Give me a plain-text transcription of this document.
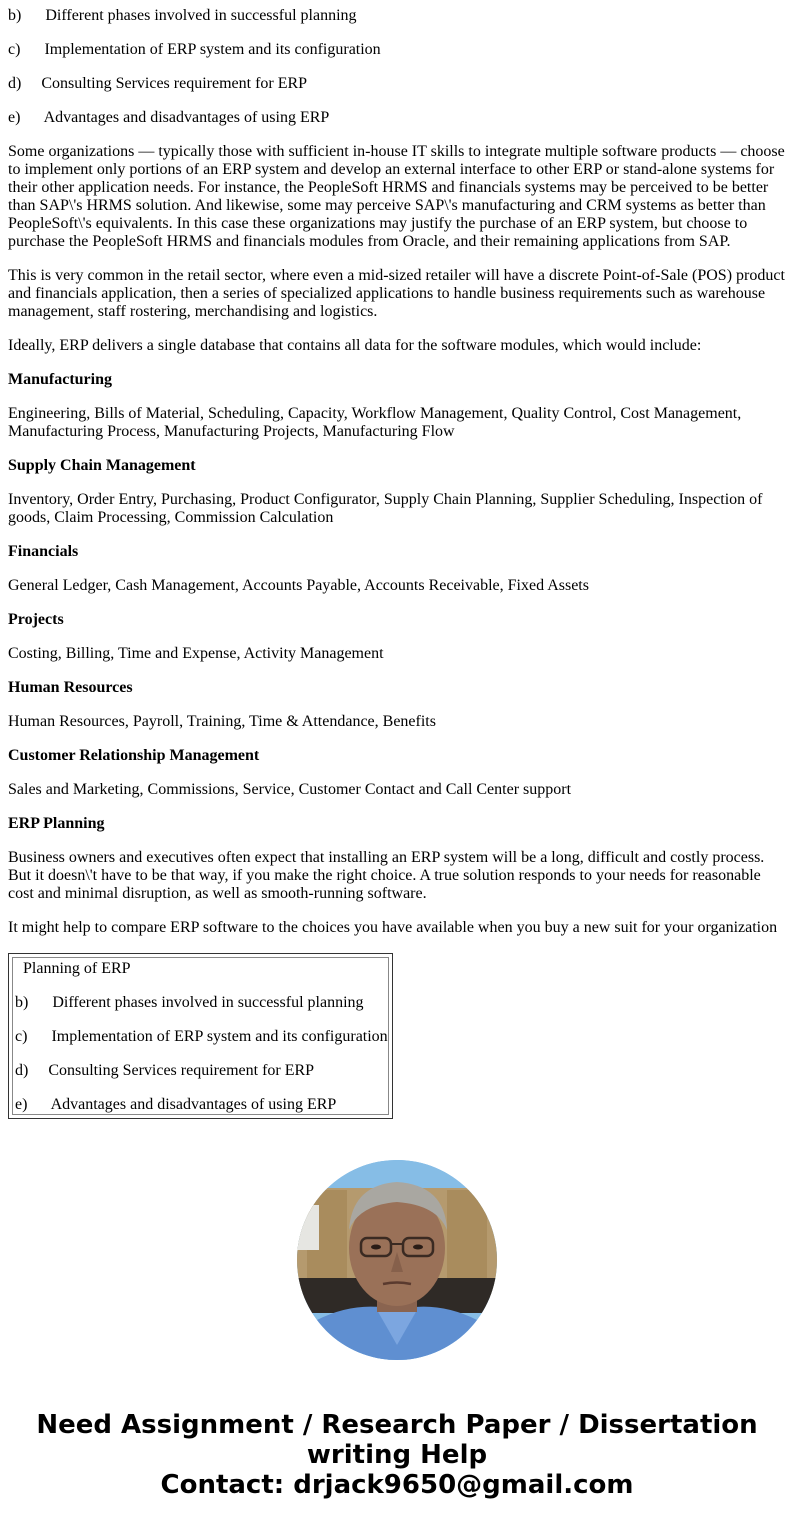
b) Different phases involved in successful planning

c) Implementation of ERP system and its configuration

d) Consulting Services requirement for ERP

e) Advantages and disadvantages of using ERP

Some organizations — typically those with sufficient in-house IT skills to integrate multiple software products — choose to implement only portions of an ERP system and develop an external interface to other ERP or stand-alone systems for their other application needs. For instance, the PeopleSoft HRMS and financials systems may be perceived to be better than SAP\'s HRMS solution. And likewise, some may perceive SAP\'s manufacturing and CRM systems as better than PeopleSoft\'s equivalents. In this case these organizations may justify the purchase of an ERP system, but choose to purchase the PeopleSoft HRMS and financials modules from Oracle, and their remaining applications from SAP.

This is very common in the retail sector, where even a mid-sized retailer will have a discrete Point-of-Sale (POS) product and financials application, then a series of specialized applications to handle business requirements such as warehouse management, staff rostering, merchandising and logistics.

Ideally, ERP delivers a single database that contains all data for the software modules, which would include:

Manufacturing

Engineering, Bills of Material, Scheduling, Capacity, Workflow Management, Quality Control, Cost Management, Manufacturing Process, Manufacturing Projects, Manufacturing Flow

Supply Chain Management

Inventory, Order Entry, Purchasing, Product Configurator, Supply Chain Planning, Supplier Scheduling, Inspection of goods, Claim Processing, Commission Calculation

Financials

General Ledger, Cash Management, Accounts Payable, Accounts Receivable, Fixed Assets

Projects

Costing, Billing, Time and Expense, Activity Management

Human Resources

Human Resources, Payroll, Training, Time & Attendance, Benefits

Customer Relationship Management

Sales and Marketing, Commissions, Service, Customer Contact and Call Center support

ERP Planning

Business owners and executives often expect that installing an ERP system will be a long, difficult and costly process. But it doesn\'t have to be that way, if you make the right choice. A true solution responds to your needs for reasonable cost and minimal disruption, as well as smooth-running software.

It might help to compare ERP software to the choices you have available when you buy a new suit for your organization

Planning of ERP

b) Different phases involved in successful planning

c) Implementation of ERP system and its configuration

d) Consulting Services requirement for ERP

e) Advantages and disadvantages of using ERP

Need Assignment / Research Paper / Dissertation
writing Help
Contact: drjack9650@gmail.com
